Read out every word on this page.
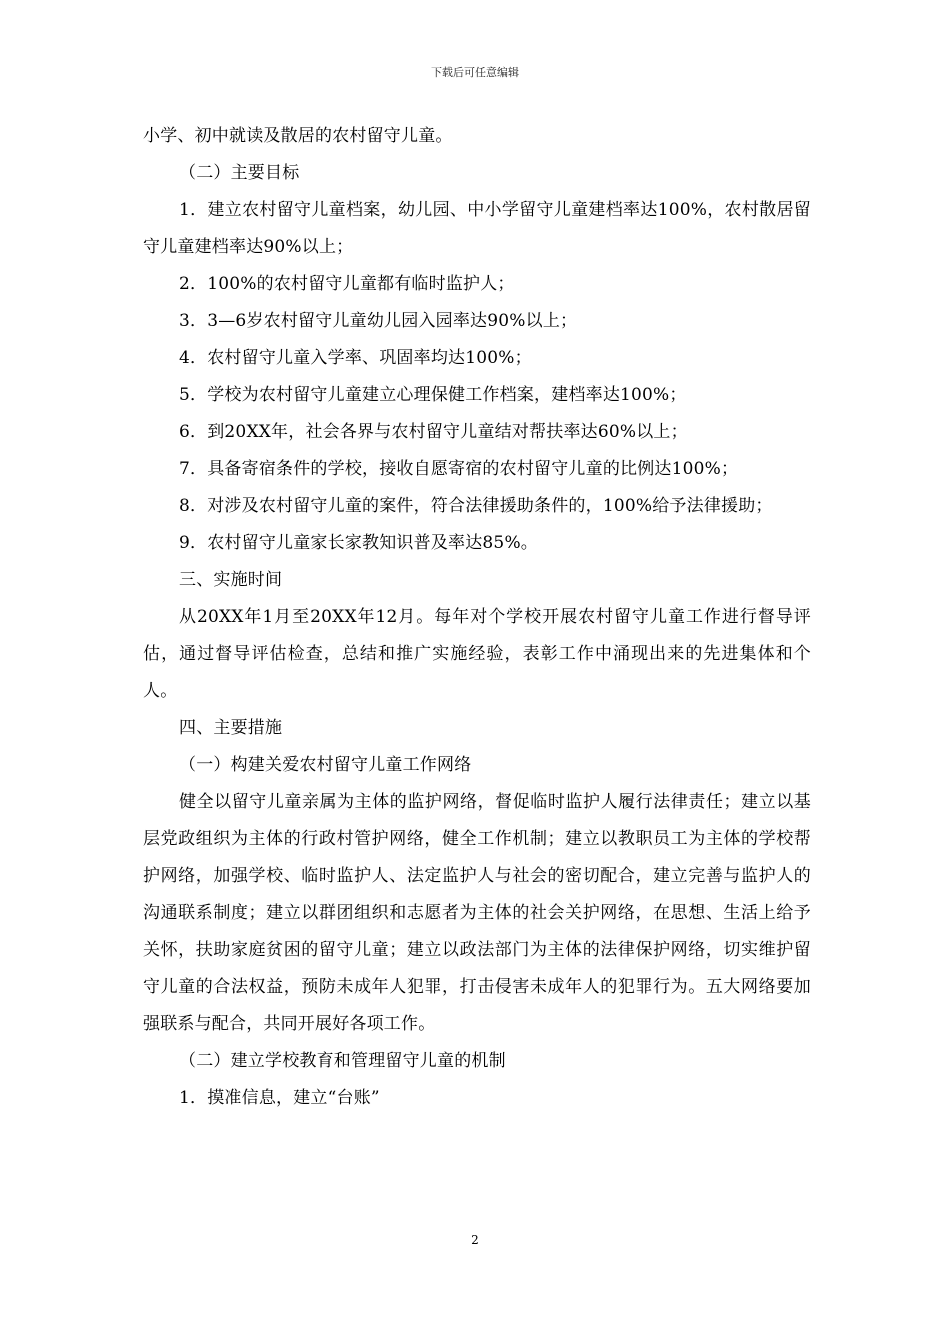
下载后可任意编辑

小学、初中就读及散居的农村留守儿童。

（二）主要目标

1．建立农村留守儿童档案，幼儿园、中小学留守儿童建档率达100%，农村散居留守儿童建档率达90%以上；

2．100%的农村留守儿童都有临时监护人；

3．3—6岁农村留守儿童幼儿园入园率达90%以上；

4．农村留守儿童入学率、巩固率均达100%；

5．学校为农村留守儿童建立心理保健工作档案，建档率达100%；

6．到20XX年，社会各界与农村留守儿童结对帮扶率达60%以上；

7．具备寄宿条件的学校，接收自愿寄宿的农村留守儿童的比例达100%；

8．对涉及农村留守儿童的案件，符合法律援助条件的，100%给予法律援助；

9．农村留守儿童家长家教知识普及率达85%。

三、实施时间

从20XX年1月至20XX年12月。每年对个学校开展农村留守儿童工作进行督导评估，通过督导评估检查，总结和推广实施经验，表彰工作中涌现出来的先进集体和个人。

四、主要措施

（一）构建关爱农村留守儿童工作网络

健全以留守儿童亲属为主体的监护网络，督促临时监护人履行法律责任；建立以基层党政组织为主体的行政村管护网络，健全工作机制；建立以教职员工为主体的学校帮护网络，加强学校、临时监护人、法定监护人与社会的密切配合，建立完善与监护人的沟通联系制度；建立以群团组织和志愿者为主体的社会关护网络，在思想、生活上给予关怀，扶助家庭贫困的留守儿童；建立以政法部门为主体的法律保护网络，切实维护留守儿童的合法权益，预防未成年人犯罪，打击侵害未成年人的犯罪行为。五大网络要加强联系与配合，共同开展好各项工作。

（二）建立学校教育和管理留守儿童的机制

1．摸准信息，建立“台账”

2
